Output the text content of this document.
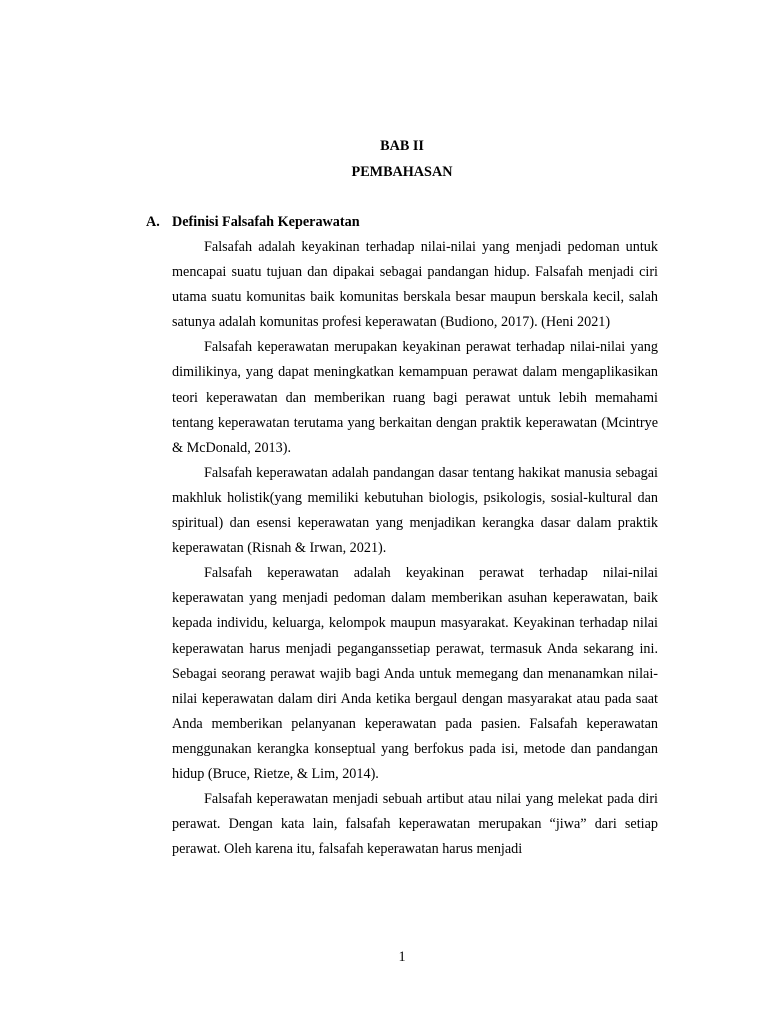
BAB II
PEMBAHASAN
A. Definisi Falsafah Keperawatan

Falsafah adalah keyakinan terhadap nilai-nilai yang menjadi pedoman untuk mencapai suatu tujuan dan dipakai sebagai pandangan hidup. Falsafah menjadi ciri utama suatu komunitas baik komunitas berskala besar maupun berskala kecil, salah satunya adalah komunitas profesi keperawatan (Budiono, 2017). (Heni 2021)

Falsafah keperawatan merupakan keyakinan perawat terhadap nilai-nilai yang dimilikinya, yang dapat meningkatkan kemampuan perawat dalam mengaplikasikan teori keperawatan dan memberikan ruang bagi perawat untuk lebih memahami tentang keperawatan terutama yang berkaitan dengan praktik keperawatan (Mcintrye & McDonald, 2013).

Falsafah keperawatan adalah pandangan dasar tentang hakikat manusia sebagai makhluk holistik(yang memiliki kebutuhan biologis, psikologis, sosial-kultural dan spiritual) dan esensi keperawatan yang menjadikan kerangka dasar dalam praktik keperawatan (Risnah & Irwan, 2021).

Falsafah keperawatan adalah keyakinan perawat terhadap nilai-nilai keperawatan yang menjadi pedoman dalam memberikan asuhan keperawatan, baik kepada individu, keluarga, kelompok maupun masyarakat. Keyakinan terhadap nilai keperawatan harus menjadi peganganssetiap perawat, termasuk Anda sekarang ini. Sebagai seorang perawat wajib bagi Anda untuk memegang dan menanamkan nilai-nilai keperawatan dalam diri Anda ketika bergaul dengan masyarakat atau pada saat Anda memberikan pelanyanan keperawatan pada pasien. Falsafah keperawatan menggunakan kerangka konseptual yang berfokus pada isi, metode dan pandangan hidup (Bruce, Rietze, & Lim, 2014).

Falsafah keperawatan menjadi sebuah artibut atau nilai yang melekat pada diri perawat. Dengan kata lain, falsafah keperawatan merupakan “jiwa” dari setiap perawat. Oleh karena itu, falsafah keperawatan harus menjadi

1
